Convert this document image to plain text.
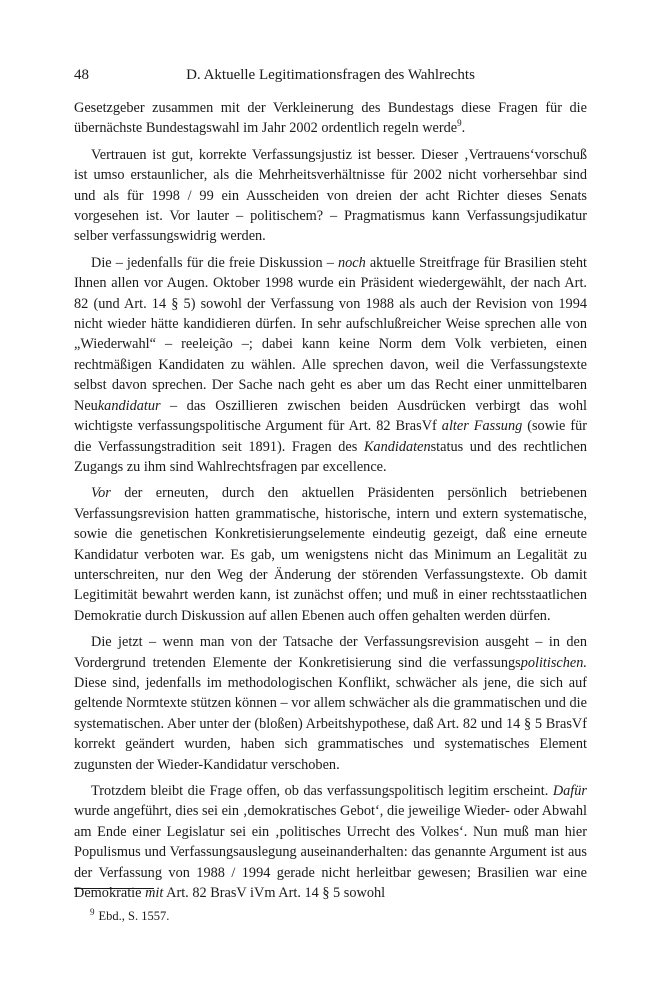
48	D. Aktuelle Legitimationsfragen des Wahlrechts

Gesetzgeber zusammen mit der Verkleinerung des Bundestags diese Fragen für die übernächste Bundestagswahl im Jahr 2002 ordentlich regeln werde$^9$.

Vertrauen ist gut, korrekte Verfassungsjustiz ist besser. Dieser ‚Vertrauens‘vorschuß ist umso erstaunlicher, als die Mehrheitsverhältnisse für 2002 nicht vorhersehbar sind und als für 1998 / 99 ein Ausscheiden von dreien der acht Richter dieses Senats vorgesehen ist. Vor lauter – politischem? – Pragmatismus kann Verfassungsjudikatur selber verfassungswidrig werden.

Die – jedenfalls für die freie Diskussion – noch aktuelle Streitfrage für Brasilien steht Ihnen allen vor Augen. Oktober 1998 wurde ein Präsident wiedergewählt, der nach Art. 82 (und Art. 14 § 5) sowohl der Verfassung von 1988 als auch der Revision von 1994 nicht wieder hätte kandidieren dürfen. In sehr aufschlußreicher Weise sprechen alle von „Wiederwahl“ – reeleição –; dabei kann keine Norm dem Volk verbieten, einen rechtmäßigen Kandidaten zu wählen. Alle sprechen davon, weil die Verfassungstexte selbst davon sprechen. Der Sache nach geht es aber um das Recht einer unmittelbaren Neukandidatur – das Oszillieren zwischen beiden Ausdrücken verbirgt das wohl wichtigste verfassungspolitische Argument für Art. 82 BrasVf alter Fassung (sowie für die Verfassungstradition seit 1891). Fragen des Kandidatenstatus und des rechtlichen Zugangs zu ihm sind Wahlrechtsfragen par excellence.

Vor der erneuten, durch den aktuellen Präsidenten persönlich betriebenen Verfassungsrevision hatten grammatische, historische, intern und extern systematische, sowie die genetischen Konkretisierungselemente eindeutig gezeigt, daß eine erneute Kandidatur verboten war. Es gab, um wenigstens nicht das Minimum an Legalität zu unterschreiten, nur den Weg der Änderung der störenden Verfassungstexte. Ob damit Legitimität bewahrt werden kann, ist zunächst offen; und muß in einer rechtsstaatlichen Demokratie durch Diskussion auf allen Ebenen auch offen gehalten werden dürfen.

Die jetzt – wenn man von der Tatsache der Verfassungsrevision ausgeht – in den Vordergrund tretenden Elemente der Konkretisierung sind die verfassungspolitischen. Diese sind, jedenfalls im methodologischen Konflikt, schwächer als jene, die sich auf geltende Normtexte stützen können – vor allem schwächer als die grammatischen und die systematischen. Aber unter der (bloßen) Arbeitshypothese, daß Art. 82 und 14 § 5 BrasVf korrekt geändert wurden, haben sich grammatisches und systematisches Element zugunsten der Wieder-Kandidatur verschoben.

Trotzdem bleibt die Frage offen, ob das verfassungspolitisch legitim erscheint. Dafür wurde angeführt, dies sei ein ‚demokratisches Gebot‘, die jeweilige Wieder- oder Abwahl am Ende einer Legislatur sei ein ‚politisches Urrecht des Volkes‘. Nun muß man hier Populismus und Verfassungsauslegung auseinanderhalten: das genannte Argument ist aus der Verfassung von 1988 / 1994 gerade nicht herleitbar gewesen; Brasilien war eine Demokratie mit Art. 82 BrasV iVm Art. 14 § 5 sowohl

$^9$ Ebd., S. 1557.
